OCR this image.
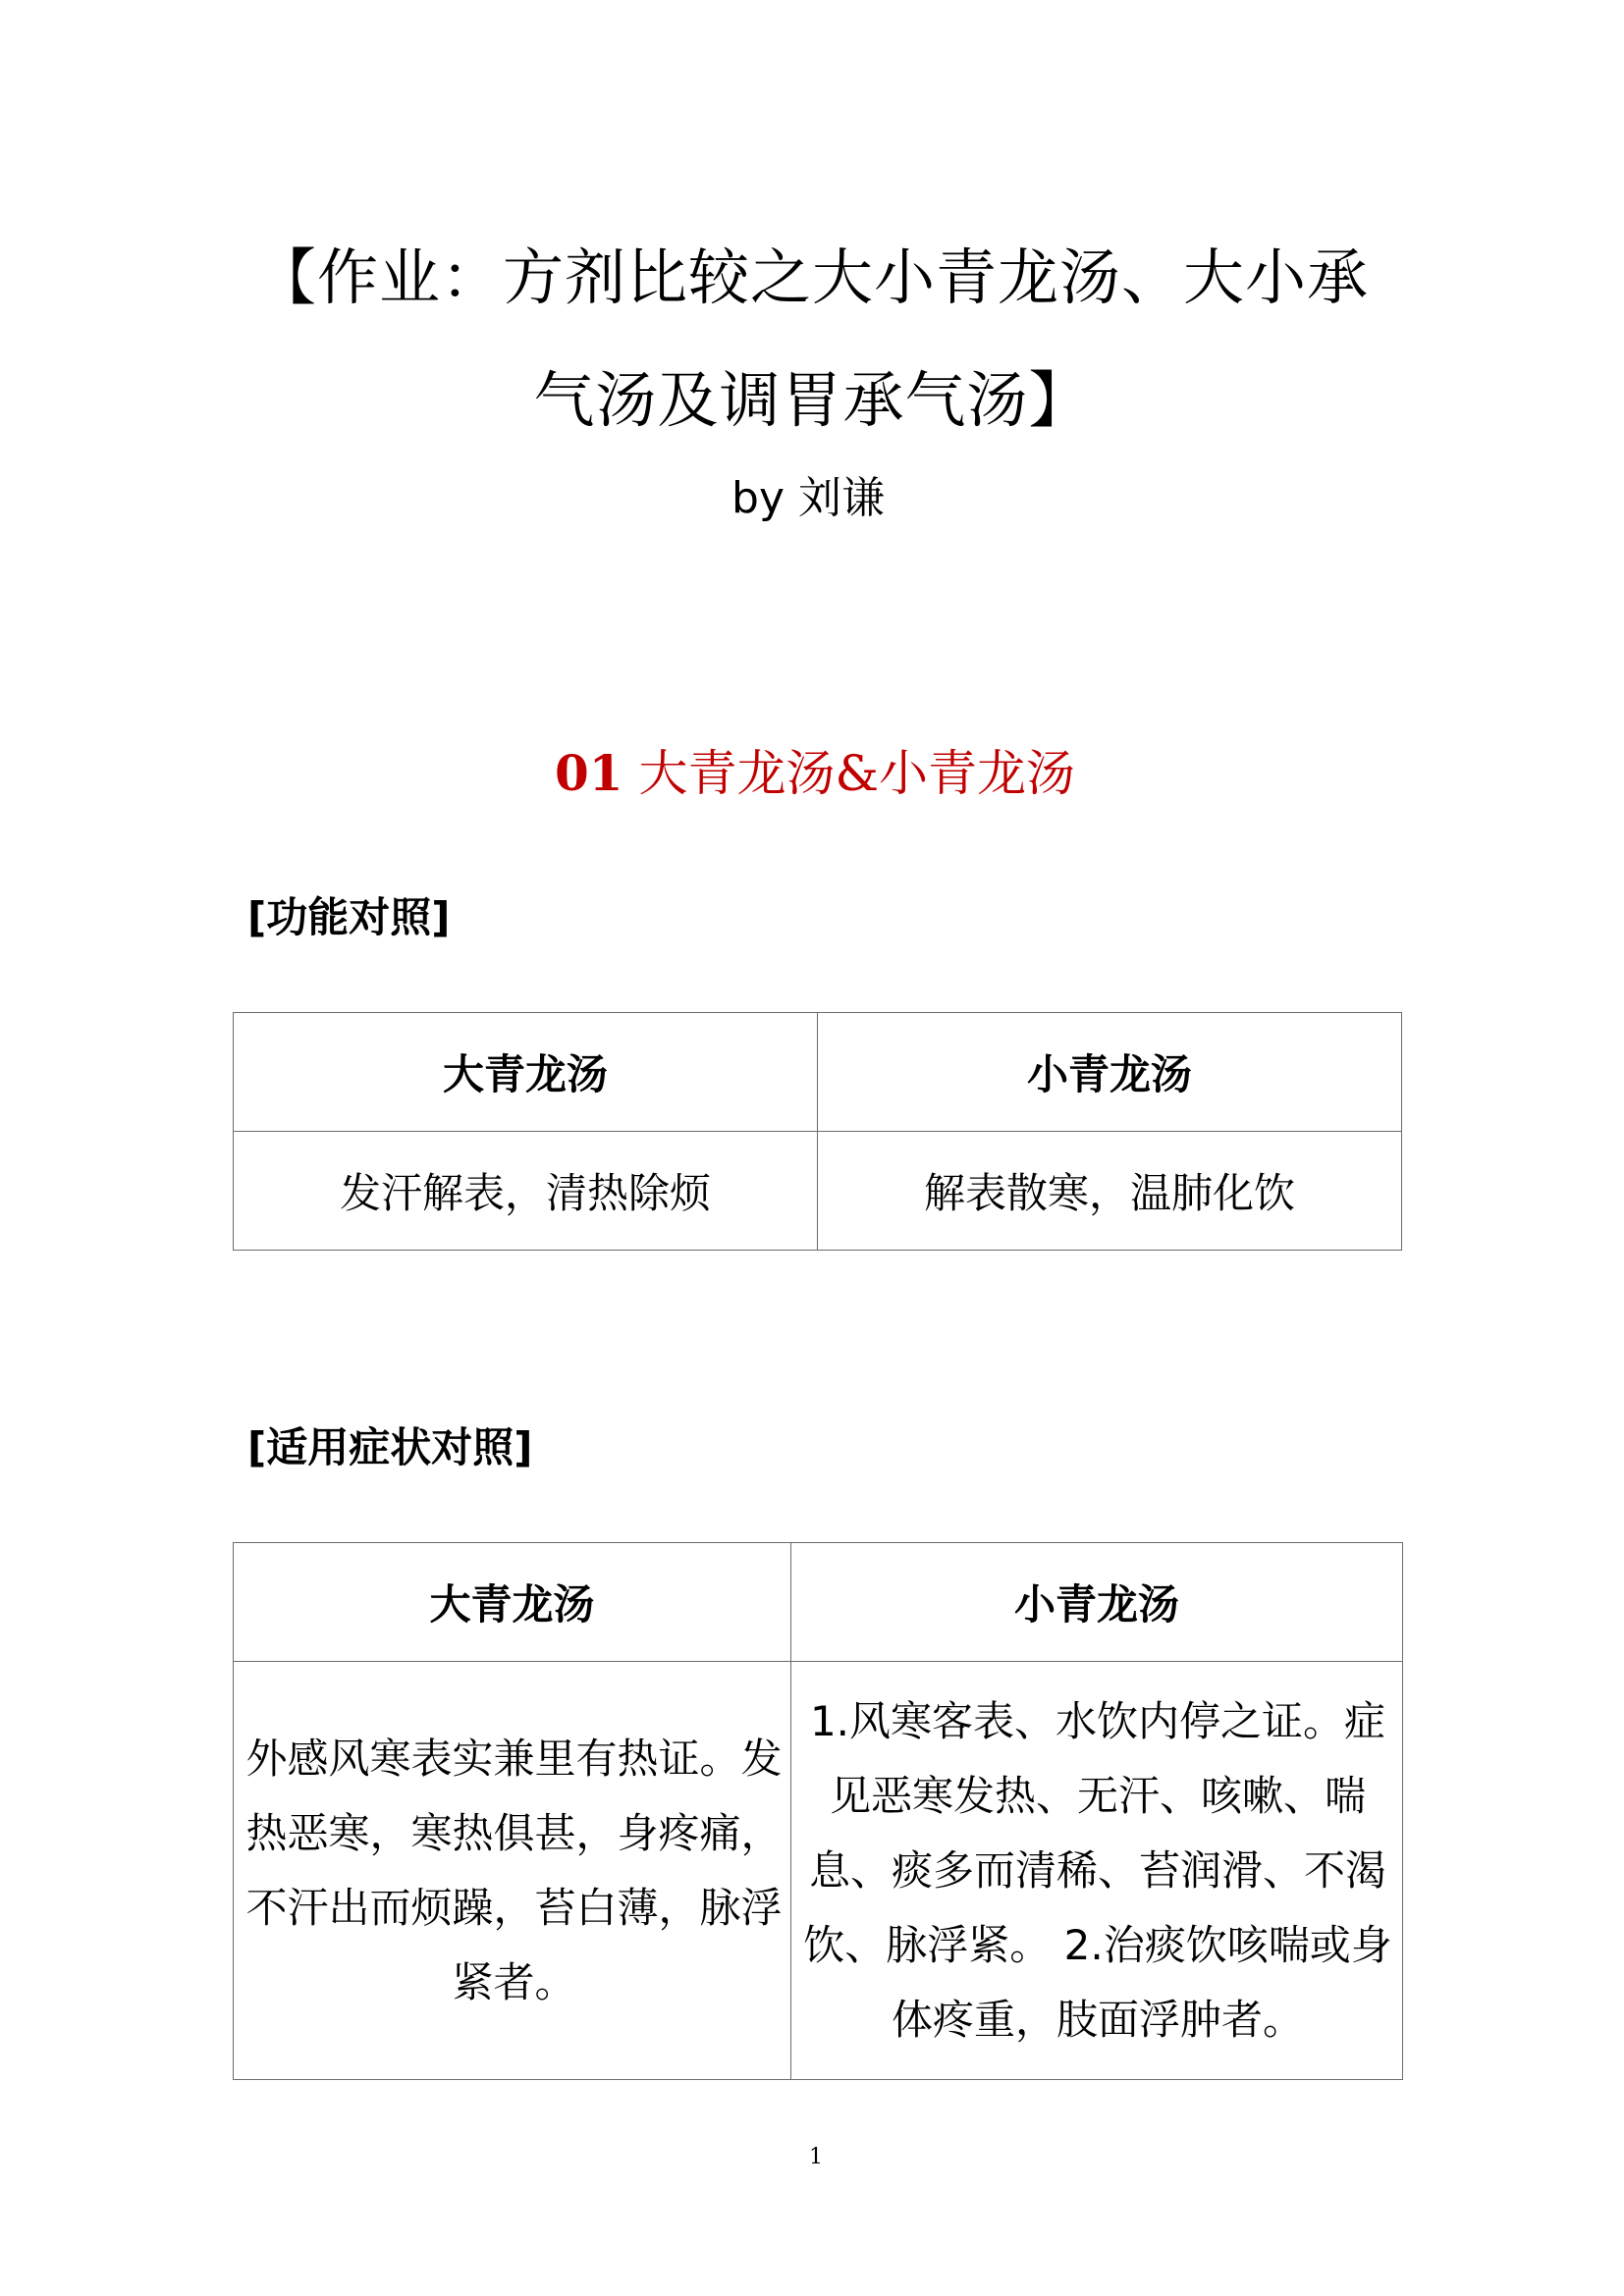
【作业：方剂比较之大小青龙汤、大小承气汤及调胃承气汤】
by 刘谦
01 大青龙汤&小青龙汤
[功能对照]
大青龙汤	小青龙汤
发汗解表，清热除烦	解表散寒，温肺化饮
[适用症状对照]
大青龙汤	小青龙汤
外感风寒表实兼里有热证。发热恶寒，寒热俱甚，身疼痛，不汗出而烦躁，苔白薄，脉浮紧者。	1.风寒客表、水饮内停之证。症见恶寒发热、无汗、咳嗽、喘息、痰多而清稀、苔润滑、不渴饮、脉浮紧。 2.治痰饮咳喘或身体疼重，肢面浮肿者。
1
